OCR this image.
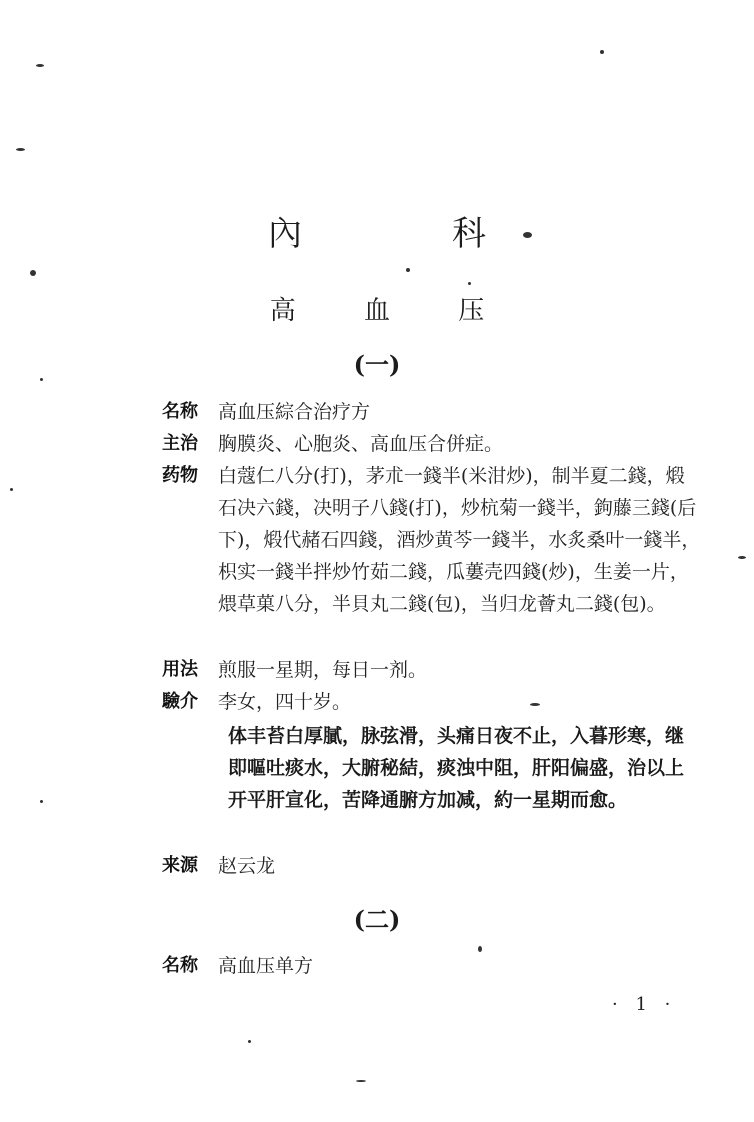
內　科
高 血 压
(一)
名称	高血压綜合治疗方
主治	胸膜炎、心胞炎、高血压合併症。
药物	白蔻仁八分(打)，茅朮一錢半(米泔炒)，制半夏二錢，煅石决六錢，决明子八錢(打)，炒杭菊一錢半，鉤藤三錢(后下)，煅代赭石四錢，酒炒黄芩一錢半，水炙桑叶一錢半，枳实一錢半拌炒竹茹二錢，瓜蔞壳四錢(炒)，生姜一片，煨草菓八分，半貝丸二錢(包)，当归龙薈丸二錢(包)。
用法	煎服一星期，每日一剂。
驗介	李女，四十岁。
体丰苔白厚膩，脉弦滑，头痛日夜不止，入暮形寒，继即嘔吐痰水，大腑秘結，痰浊中阻，肝阳偏盛，治以上开平肝宣化，苦降通腑方加减，約一星期而愈。
来源	赵云龙
(二)
名称	高血压单方
· 1 ·
